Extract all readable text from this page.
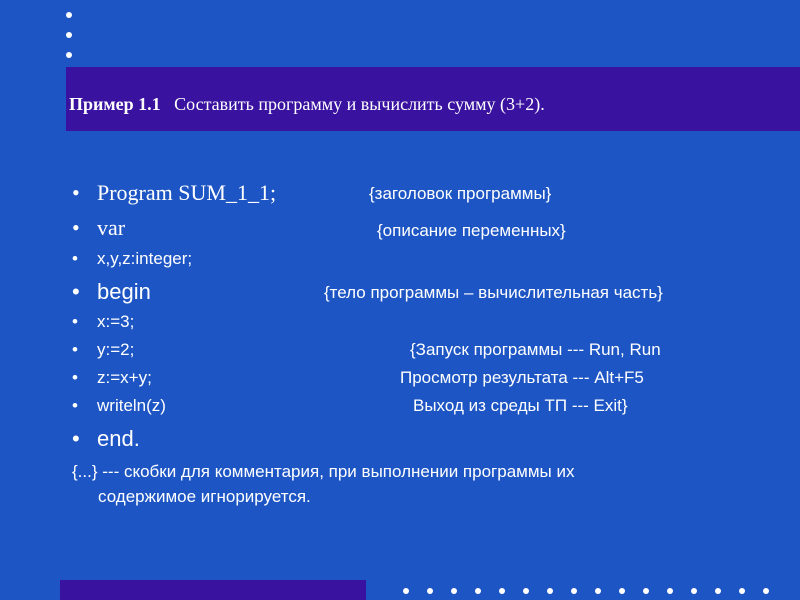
Пример 1.1 Составить программу и вычислить сумму (3+2).
• Program SUM_1_1;	{заголовок программы}
• var	{описание переменных}
• x,y,z:integer;
• begin	{тело программы – вычислительная часть}
• x:=3;
• y:=2;	{Запуск программы --- Run, Run
• z:=x+y;	Просмотр результата --- Alt+F5
• writeln(z)	Выход из среды ТП --- Exit}
• end.
{...} --- скобки для комментария, при выполнении программы их
содержимое игнорируется.
